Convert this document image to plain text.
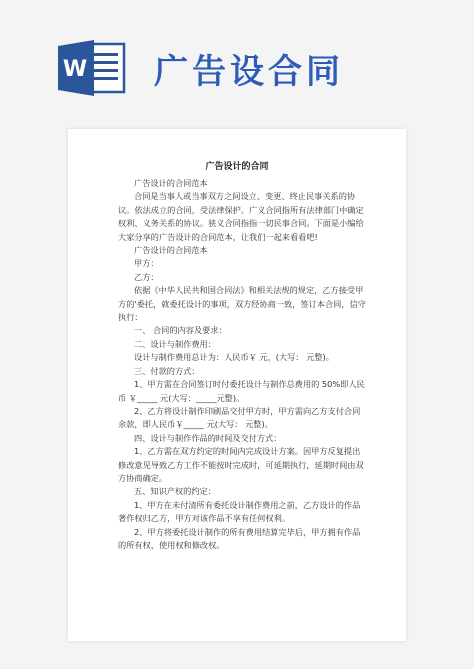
W 广告设合同
广告设计的合同

广告设计的合同范本

合同是当事人或当事双方之间设立、变更、终止民事关系的协议。依法成立的合同，受法律保护。广义合同指所有法律部门中确定权利、义务关系的协议。狭义合同指指一切民事合同。下面是小编给大家分享的广告设计的合同范本，让我们一起来看看吧!

广告设计的合同范本

甲方：

乙方：

依据《中华人民共和国合同法》和相关法规的规定，乙方接受甲方的'委托，就委托设计的事项，双方经协商一致，签订本合同，信守执行：

一、 合同的内容及要求：

二、设计与制作费用：

设计与制作费用总计为：人民币￥ 元，(大写： 元整)。

三、付款的方式：

1、甲方需在合同签订时付委托设计与制作总费用的 50%即人民币 ￥_____ 元(大写：_____元整)。

2、乙方将设计制作印刷品交付甲方时，甲方需向乙方支付合同余款，即人民币￥_____ 元(大写： 元整)。

四、设计与制作作品的时间及交付方式：

1、乙方需在双方约定的时间内完成设计方案。因甲方反复提出修改意见导致乙方工作不能按时完成时，可延期执行，延期时间由双方协商确定。

五、知识产权的约定：

1、甲方在未付清所有委托设计制作费用之前，乙方设计的作品著作权归乙方，甲方对该作品不享有任何权利。

2、甲方将委托设计制作的所有费用结算完毕后，甲方拥有作品的所有权、使用权和修改权。
